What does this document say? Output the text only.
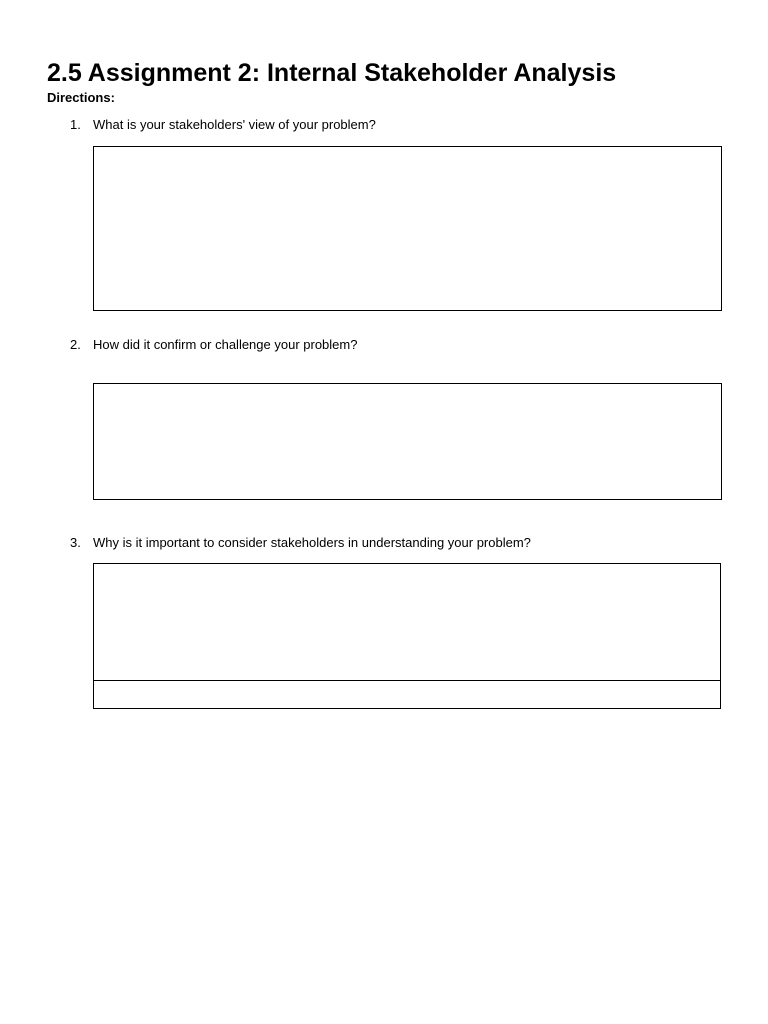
2.5 Assignment 2: Internal Stakeholder Analysis
Directions:
1. What is your stakeholders' view of your problem?
2. How did it confirm or challenge your problem?
3. Why is it important to consider stakeholders in understanding your problem?
